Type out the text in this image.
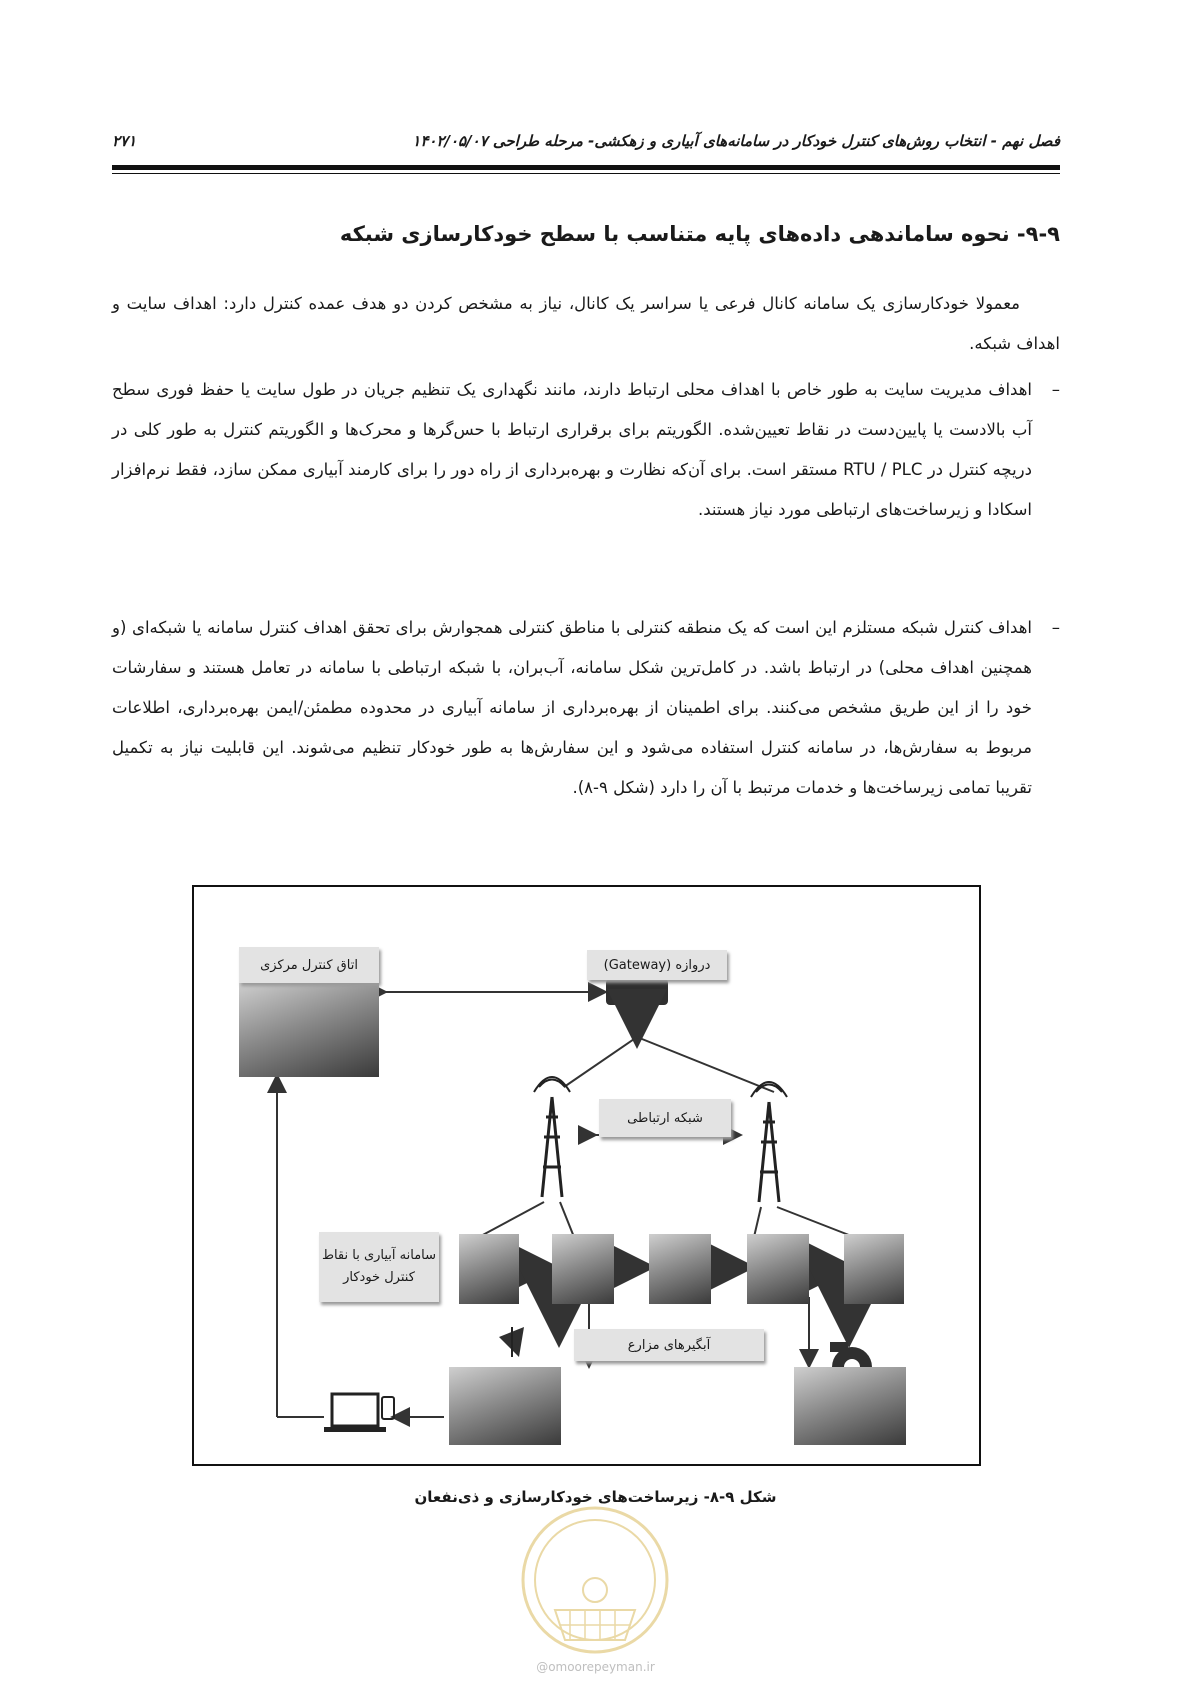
فصل نهم - انتخاب روش‌های کنترل خودکار در سامانه‌های آبیاری و زهکشی- مرحله طراحی ۱۴۰۲/۰۵/۰۷
۲۷۱
۹-۹- نحوه ساماندهی داده‌های پایه متناسب با سطح خودکارسازی شبکه

معمولا خودکارسازی یک سامانه کانال فرعی یا سراسر یک کانال، نیاز به مشخص کردن دو هدف عمده کنترل دارد: اهداف سایت و اهداف شبکه.

–
اهداف مدیریت سایت به طور خاص با اهداف محلی ارتباط دارند، مانند نگهداری یک تنظیم جریان در طول سایت یا حفظ فوری سطح آب بالادست یا پایین‌دست در نقاط تعیین‌شده. الگوریتم برای برقراری ارتباط با حس‌گرها و محرک‌ها و الگوریتم کنترل به طور کلی در دریچه کنترل در RTU / PLC مستقر است. برای آن‌که نظارت و بهره‌برداری از راه دور را برای کارمند آبیاری ممکن سازد، فقط نرم‌افزار اسکادا و زیرساخت‌های ارتباطی مورد نیاز هستند.
–
اهداف کنترل شبکه مستلزم این است که یک منطقه کنترلی با مناطق کنترلی همجوارش برای تحقق اهداف کنترل سامانه یا شبکه‌ای (و همچنین اهداف محلی) در ارتباط باشد. در کامل‌ترین شکل سامانه، آب‌بران، با شبکه ارتباطی با سامانه در تعامل هستند و سفارشات خود را از این طریق مشخص می‌کنند. برای اطمینان از بهره‌برداری از سامانه آبیاری در محدوده مطمئن/ایمن بهره‌برداری، اطلاعات مربوط به سفارش‌ها، در سامانه کنترل استفاده می‌شود و این سفارش‌ها به طور خودکار تنظیم می‌شوند. این قابلیت نیاز به تکمیل تقریبا تمامی زیرساخت‌ها و خدمات مرتبط با آن را دارد (شکل ۹-۸).
اتاق کنترل مرکزی	دروازه (Gateway)
شبکه ارتباطی
سامانه آبیاری با نقاط
کنترل خودکار
آبگیرهای مزارع
شکل ۹-۸- زیرساخت‌های خودکارسازی و ذی‌نفعان
@omoorepeyman.ir
